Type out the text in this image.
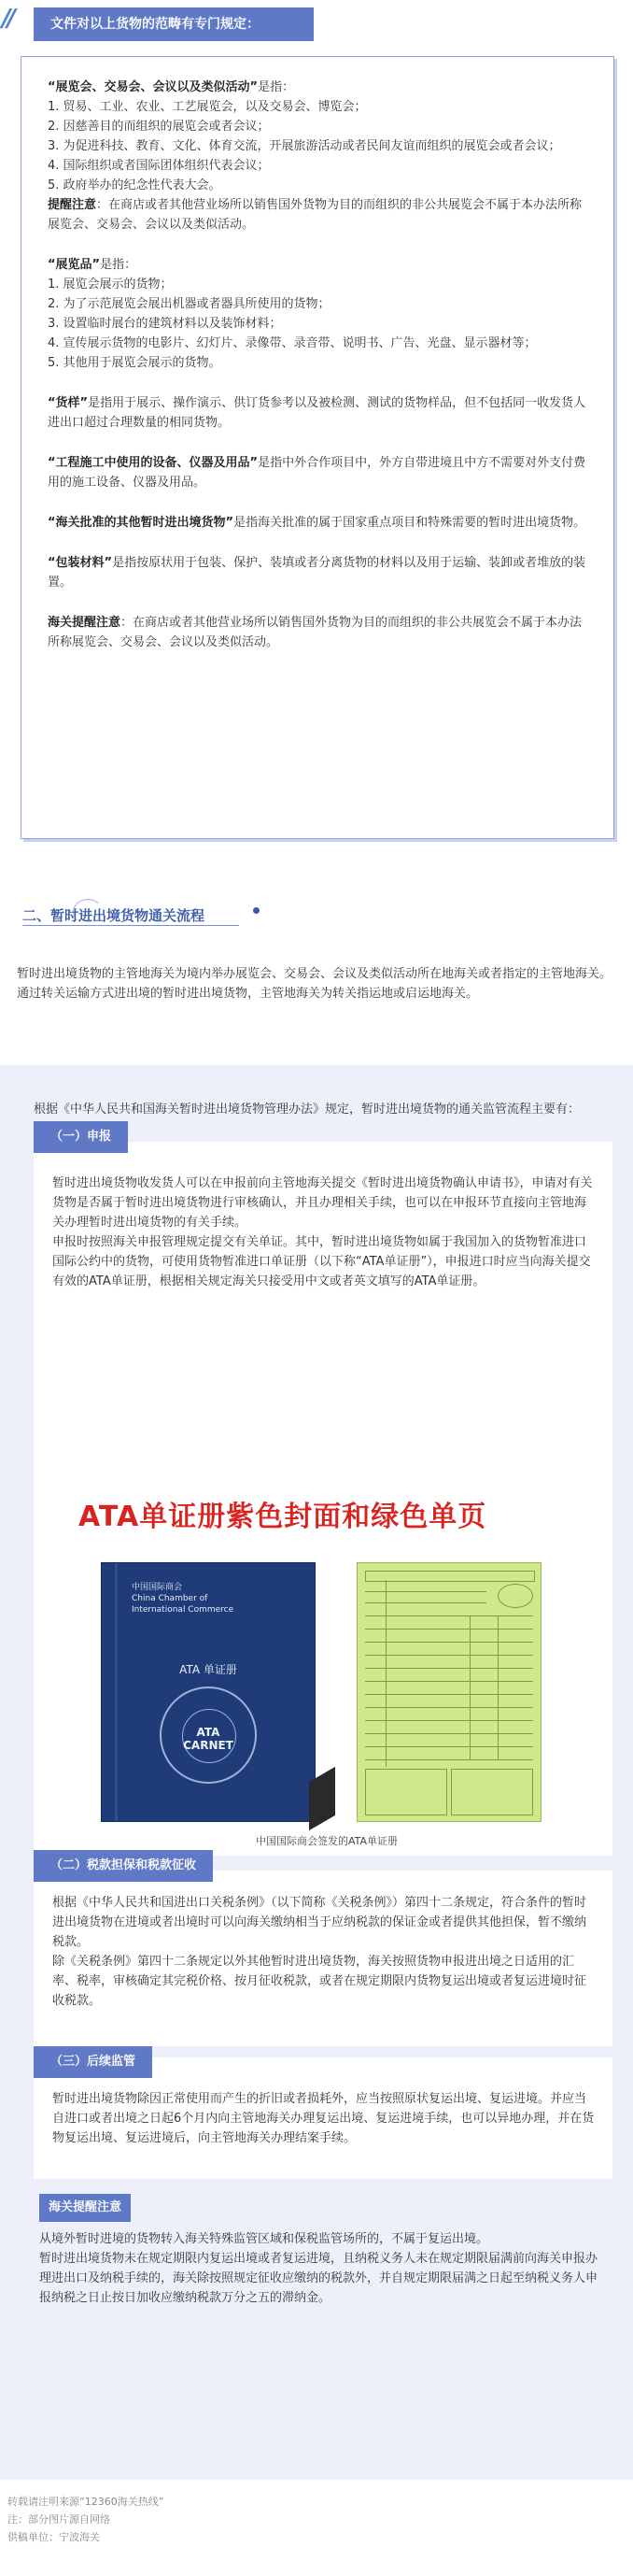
//	文件对以上货物的范畴有专门规定：

“展览会、交易会、会议以及类似活动”是指：

1. 贸易、工业、农业、工艺展览会，以及交易会、博览会；

2. 因慈善目的而组织的展览会或者会议；

3. 为促进科技、教育、文化、体育交流，开展旅游活动或者民间友谊而组织的展览会或者会议；

4. 国际组织或者国际团体组织代表会议；

5. 政府举办的纪念性代表大会。

提醒注意：在商店或者其他营业场所以销售国外货物为目的而组织的非公共展览会不属于本办法所称展览会、交易会、会议以及类似活动。

“展览品”是指：

1. 展览会展示的货物；

2. 为了示范展览会展出机器或者器具所使用的货物；

3. 设置临时展台的建筑材料以及装饰材料；

4. 宣传展示货物的电影片、幻灯片、录像带、录音带、说明书、广告、光盘、显示器材等；

5. 其他用于展览会展示的货物。

“货样”是指用于展示、操作演示、供订货参考以及被检测、测试的货物样品，但不包括同一收发货人进出口超过合理数量的相同货物。

“工程施工中使用的设备、仪器及用品”是指中外合作项目中，外方自带进境且中方不需要对外支付费用的施工设备、仪器及用品。

“海关批准的其他暂时进出境货物”是指海关批准的属于国家重点项目和特殊需要的暂时进出境货物。

“包装材料”是指按原状用于包装、保护、装填或者分离货物的材料以及用于运输、装卸或者堆放的装置。

海关提醒注意：在商店或者其他营业场所以销售国外货物为目的而组织的非公共展览会不属于本办法所称展览会、交易会、会议以及类似活动。

二、暂时进出境货物通关流程

暂时进出境货物的主管地海关为境内举办展览会、交易会、会议及类似活动所在地海关或者指定的主管地海关。通过转关运输方式进出境的暂时进出境货物，主管地海关为转关指运地或启运地海关。

根据《中华人民共和国海关暂时进出境货物管理办法》规定，暂时进出境货物的通关监管流程主要有：

（一）申报

暂时进出境货物收发货人可以在申报前向主管地海关提交《暂时进出境货物确认申请书》，申请对有关货物是否属于暂时进出境货物进行审核确认，并且办理相关手续，也可以在申报环节直接向主管地海关办理暂时进出境货物的有关手续。

申报时按照海关申报管理规定提交有关单证。其中，暂时进出境货物如属于我国加入的货物暂准进口国际公约中的货物，可使用货物暂准进口单证册（以下称“ATA单证册”），申报进口时应当向海关提交有效的ATA单证册，根据相关规定海关只接受用中文或者英文填写的ATA单证册。

ATA单证册紫色封面和绿色单页
中国国际商会
China Chamber of
International Commerce
ATA 单证册
ATA
CARNET
中国国际商会签发的ATA单证册
（二）税款担保和税款征收

根据《中华人民共和国进出口关税条例》（以下简称《关税条例》）第四十二条规定，符合条件的暂时进出境货物在进境或者出境时可以向海关缴纳相当于应纳税款的保证金或者提供其他担保，暂不缴纳税款。

除《关税条例》第四十二条规定以外其他暂时进出境货物，海关按照货物申报进出境之日适用的汇率、税率，审核确定其完税价格、按月征收税款，或者在规定期限内货物复运出境或者复运进境时征收税款。

（三）后续监管

暂时进出境货物除因正常使用而产生的折旧或者损耗外，应当按照原状复运出境、复运进境。并应当自进口或者出境之日起6个月内向主管地海关办理复运出境、复运进境手续，也可以异地办理，并在货物复运出境、复运进境后，向主管地海关办理结案手续。

海关提醒注意

从境外暂时进境的货物转入海关特殊监管区域和保税监管场所的，不属于复运出境。

暂时进出境货物未在规定期限内复运出境或者复运进境，且纳税义务人未在规定期限届满前向海关申报办理进出口及纳税手续的，海关除按照规定征收应缴纳的税款外，并自规定期限届满之日起至纳税义务人申报纳税之日止按日加收应缴纳税款万分之五的滞纳金。

转载请注明来源“12360海关热线”

注：部分图片源自网络

供稿单位：宁波海关
